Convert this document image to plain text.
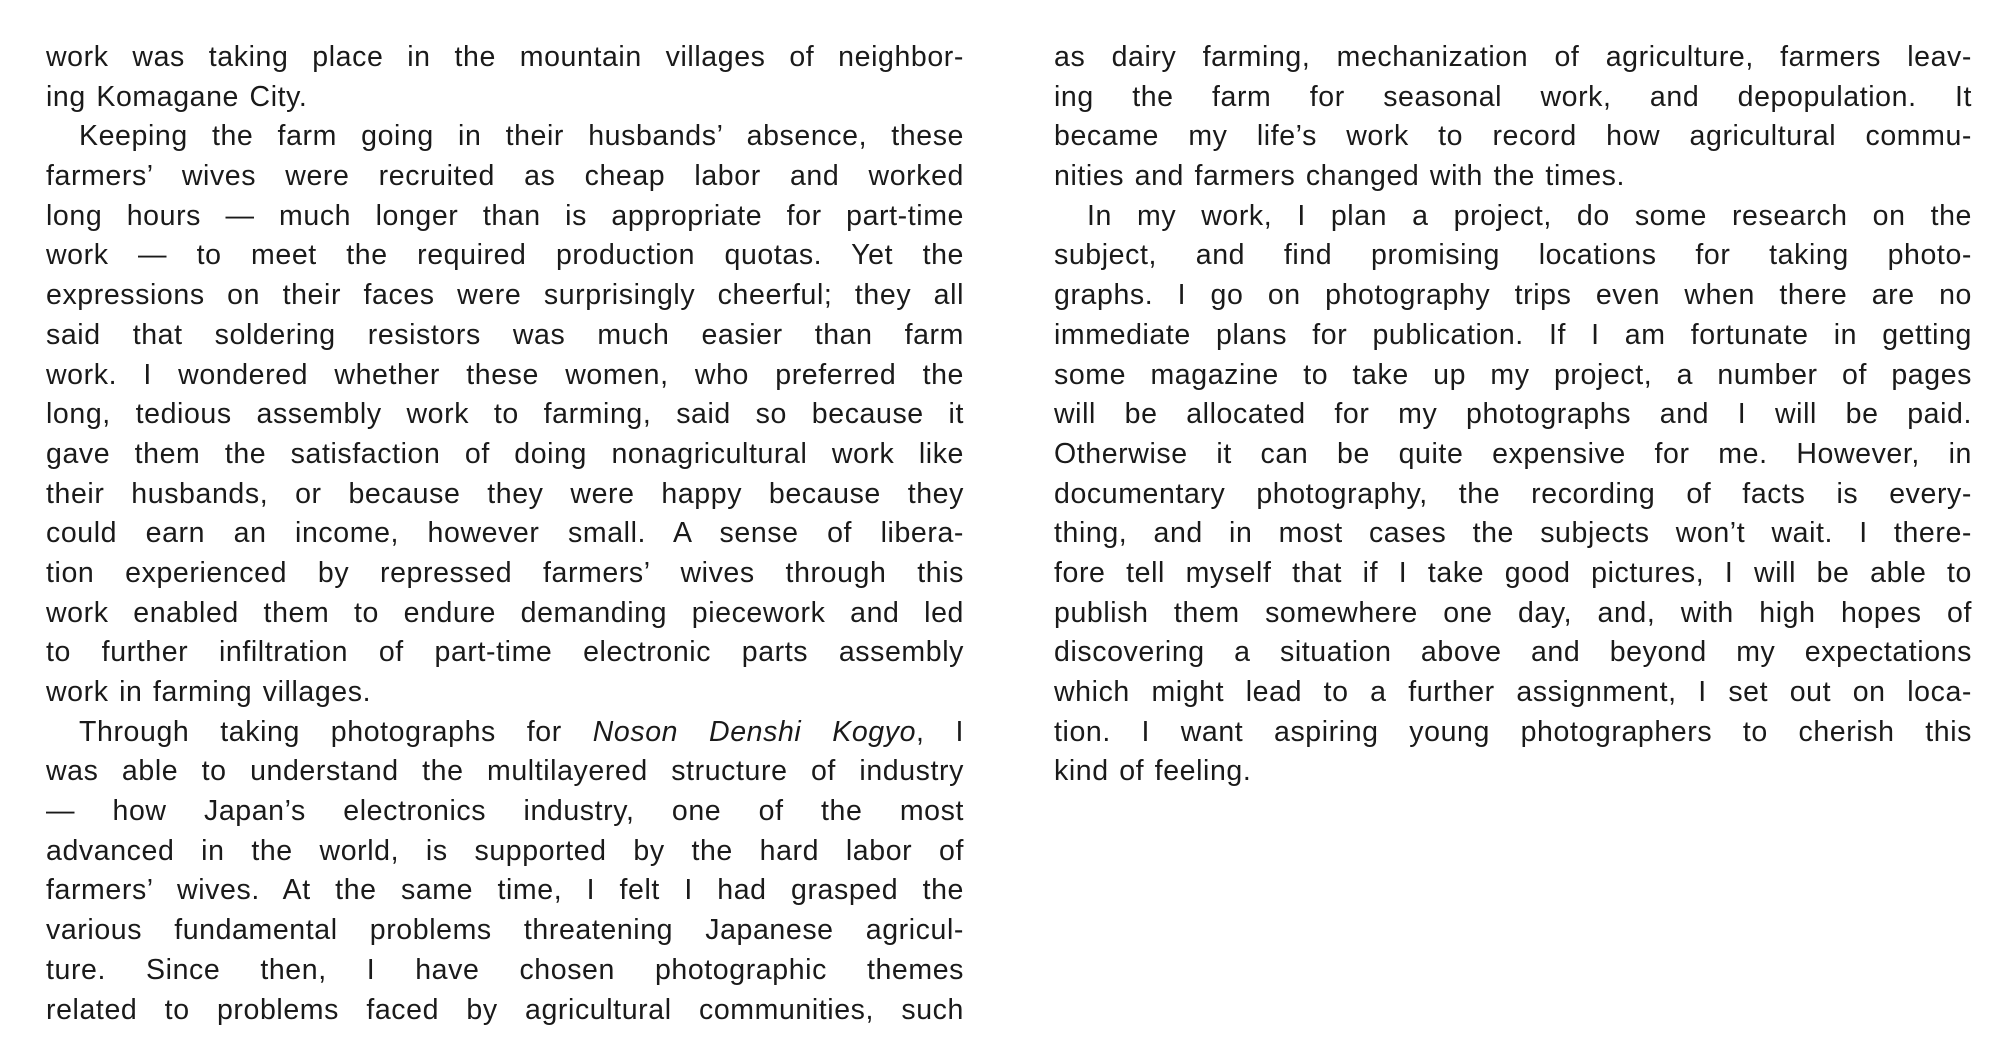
work was taking place in the mountain villages of neighbor-
ing Komagane City.
Keeping the farm going in their husbands’ absence, these
farmers’ wives were recruited as cheap labor and worked
long hours — much longer than is appropriate for part-time
work — to meet the required production quotas. Yet the
expressions on their faces were surprisingly cheerful; they all
said that soldering resistors was much easier than farm
work. I wondered whether these women, who preferred the
long, tedious assembly work to farming, said so because it
gave them the satisfaction of doing nonagricultural work like
their husbands, or because they were happy because they
could earn an income, however small. A sense of libera-
tion experienced by repressed farmers’ wives through this
work enabled them to endure demanding piecework and led
to further infiltration of part-time electronic parts assembly
work in farming villages.
Through taking photographs for Noson Denshi Kogyo, I
was able to understand the multilayered structure of industry
— how Japan’s electronics industry, one of the most
advanced in the world, is supported by the hard labor of
farmers’ wives. At the same time, I felt I had grasped the
various fundamental problems threatening Japanese agricul-
ture. Since then, I have chosen photographic themes
related to problems faced by agricultural communities, such
as dairy farming, mechanization of agriculture, farmers leav-
ing the farm for seasonal work, and depopulation. It
became my life’s work to record how agricultural commu-
nities and farmers changed with the times.
In my work, I plan a project, do some research on the
subject, and find promising locations for taking photo-
graphs. I go on photography trips even when there are no
immediate plans for publication. If I am fortunate in getting
some magazine to take up my project, a number of pages
will be allocated for my photographs and I will be paid.
Otherwise it can be quite expensive for me. However, in
documentary photography, the recording of facts is every-
thing, and in most cases the subjects won’t wait. I there-
fore tell myself that if I take good pictures, I will be able to
publish them somewhere one day, and, with high hopes of
discovering a situation above and beyond my expectations
which might lead to a further assignment, I set out on loca-
tion. I want aspiring young photographers to cherish this
kind of feeling.
